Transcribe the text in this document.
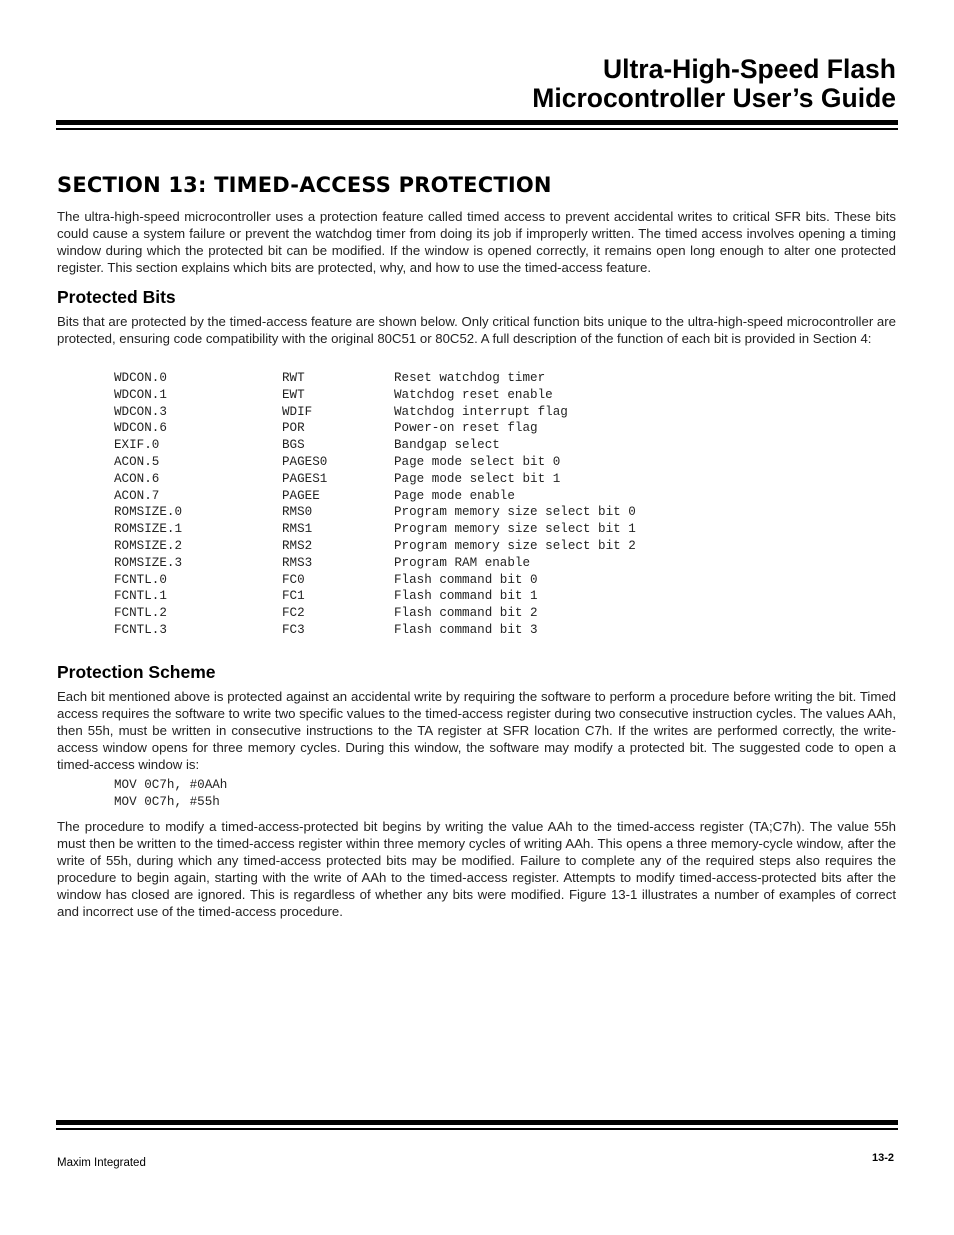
Ultra-High-Speed Flash
Microcontroller User’s Guide
SECTION 13: TIMED-ACCESS PROTECTION

The ultra-high-speed microcontroller uses a protection feature called timed access to prevent accidental writes to critical SFR bits. These bits could cause a system failure or prevent the watchdog timer from doing its job if improperly written. The timed access involves opening a timing window during which the protected bit can be modified. If the window is opened correctly, it remains open long enough to alter one protected register. This section explains which bits are protected, why, and how to use the timed-access feature.

Protected Bits

Bits that are protected by the timed-access feature are shown below. Only critical function bits unique to the ultra-high-speed microcontroller are protected, ensuring code compatibility with the original 80C51 or 80C52. A full description of the function of each bit is provided in Section 4:

WDCON.0	RWT	Reset watchdog timer
WDCON.1	EWT	Watchdog reset enable
WDCON.3	WDIF	Watchdog interrupt flag
WDCON.6	POR	Power-on reset flag
EXIF.0	BGS	Bandgap select
ACON.5	PAGES0	Page mode select bit 0
ACON.6	PAGES1	Page mode select bit 1
ACON.7	PAGEE	Page mode enable
ROMSIZE.0	RMS0	Program memory size select bit 0
ROMSIZE.1	RMS1	Program memory size select bit 1
ROMSIZE.2	RMS2	Program memory size select bit 2
ROMSIZE.3	RMS3	Program RAM enable
FCNTL.0	FC0	Flash command bit 0
FCNTL.1	FC1	Flash command bit 1
FCNTL.2	FC2	Flash command bit 2
FCNTL.3	FC3	Flash command bit 3
Protection Scheme

Each bit mentioned above is protected against an accidental write by requiring the software to perform a procedure before writing the bit. Timed access requires the software to write two specific values to the timed-access register during two consecutive instruction cycles. The values AAh, then 55h, must be written in consecutive instructions to the TA register at SFR location C7h. If the writes are performed correctly, the write-access window opens for three memory cycles. During this window, the software may modify a protected bit. The suggested code to open a timed-access window is:

MOV 0C7h, #0AAh
MOV 0C7h, #55h

The procedure to modify a timed-access-protected bit begins by writing the value AAh to the timed-access register (TA;C7h). The value 55h must then be written to the timed-access register within three memory cycles of writing AAh. This opens a three memory-cycle window, after the write of 55h, during which any timed-access protected bits may be modified. Failure to complete any of the required steps also requires the procedure to begin again, starting with the write of AAh to the timed-access register. Attempts to modify timed-access-protected bits after the window has closed are ignored. This is regardless of whether any bits were modified. Figure 13-1 illustrates a number of examples of correct and incorrect use of the timed-access procedure.

Maxim Integrated	13-2
